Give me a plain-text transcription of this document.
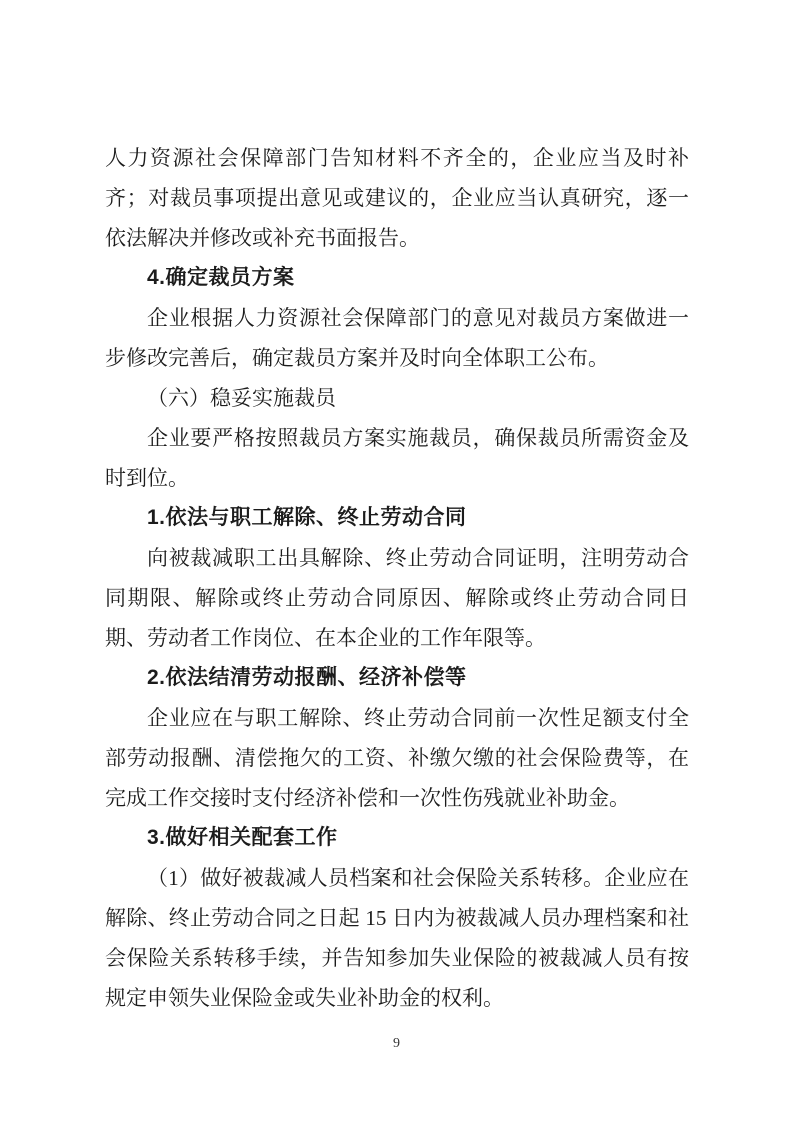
人力资源社会保障部门告知材料不齐全的，企业应当及时补齐；对裁员事项提出意见或建议的，企业应当认真研究，逐一依法解决并修改或补充书面报告。
4.确定裁员方案
企业根据人力资源社会保障部门的意见对裁员方案做进一步修改完善后，确定裁员方案并及时向全体职工公布。
（六）稳妥实施裁员
企业要严格按照裁员方案实施裁员，确保裁员所需资金及时到位。
1.依法与职工解除、终止劳动合同
向被裁减职工出具解除、终止劳动合同证明，注明劳动合同期限、解除或终止劳动合同原因、解除或终止劳动合同日期、劳动者工作岗位、在本企业的工作年限等。
2.依法结清劳动报酬、经济补偿等
企业应在与职工解除、终止劳动合同前一次性足额支付全部劳动报酬、清偿拖欠的工资、补缴欠缴的社会保险费等，在完成工作交接时支付经济补偿和一次性伤残就业补助金。
3.做好相关配套工作
（1）做好被裁减人员档案和社会保险关系转移。企业应在解除、终止劳动合同之日起 15 日内为被裁减人员办理档案和社会保险关系转移手续，并告知参加失业保险的被裁减人员有按规定申领失业保险金或失业补助金的权利。
9
